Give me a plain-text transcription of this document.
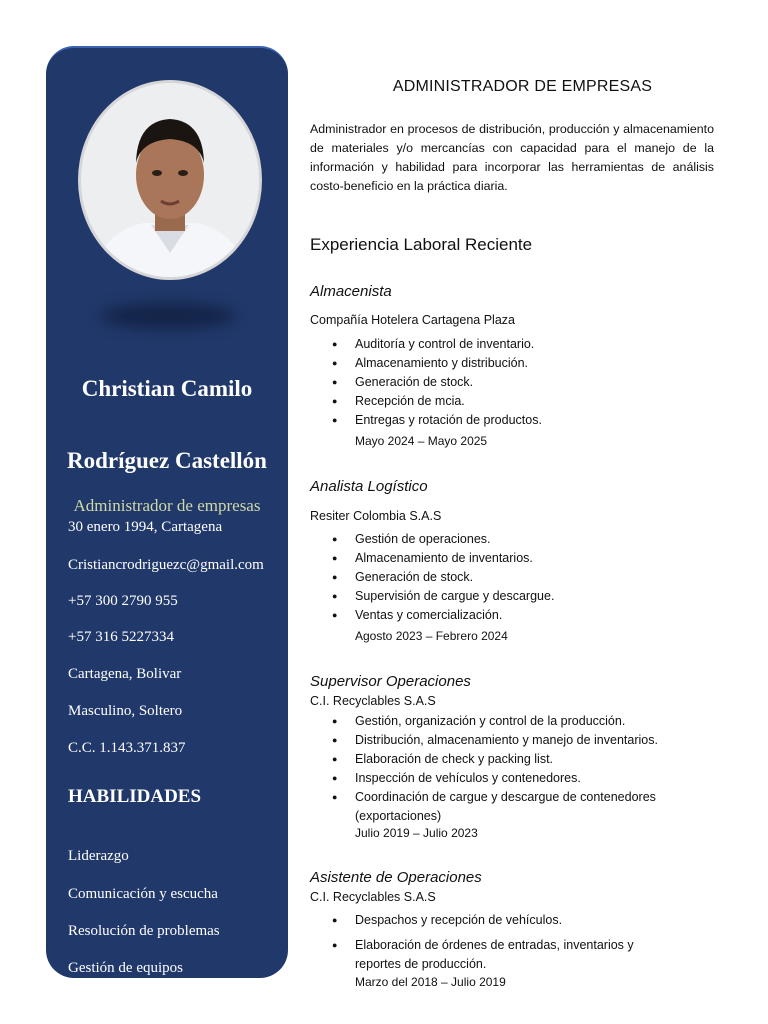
Christian Camilo
Rodríguez Castellón
Administrador de empresas
30 enero 1994, Cartagena
Cristiancrodriguezc@gmail.com
+57 300 2790 955
+57 316 5227334
Cartagena, Bolivar
Masculino, Soltero
C.C. 1.143.371.837
HABILIDADES
Liderazgo
Comunicación y escucha
Resolución de problemas
Gestión de equipos
ADMINISTRADOR DE EMPRESAS
Administrador en procesos de distribución, producción y almacenamiento de materiales y/o mercancías con capacidad para el manejo de la información y habilidad para incorporar las herramientas de análisis costo-beneficio en la práctica diaria.
Experiencia Laboral Reciente
Almacenista
Compañía Hotelera Cartagena Plaza
● Auditoría y control de inventario.
● Almacenamiento y distribución.
● Generación de stock.
● Recepción de mcia.
● Entregas y rotación de productos.
Mayo 2024 – Mayo 2025
Analista Logístico
Resiter Colombia S.A.S
● Gestión de operaciones.
● Almacenamiento de inventarios.
● Generación de stock.
● Supervisión de cargue y descargue.
● Ventas y comercialización.
Agosto 2023 – Febrero 2024
Supervisor Operaciones
C.I. Recyclables S.A.S
● Gestión, organización y control de la producción.
● Distribución, almacenamiento y manejo de inventarios.
● Elaboración de check y packing list.
● Inspección de vehículos y contenedores.
● Coordinación de cargue y descargue de contenedores (exportaciones)
Julio 2019 – Julio 2023
Asistente de Operaciones
C.I. Recyclables S.A.S
● Despachos y recepción de vehículos.
● Elaboración de órdenes de entradas, inventarios y reportes de producción.
Marzo del 2018 – Julio 2019
